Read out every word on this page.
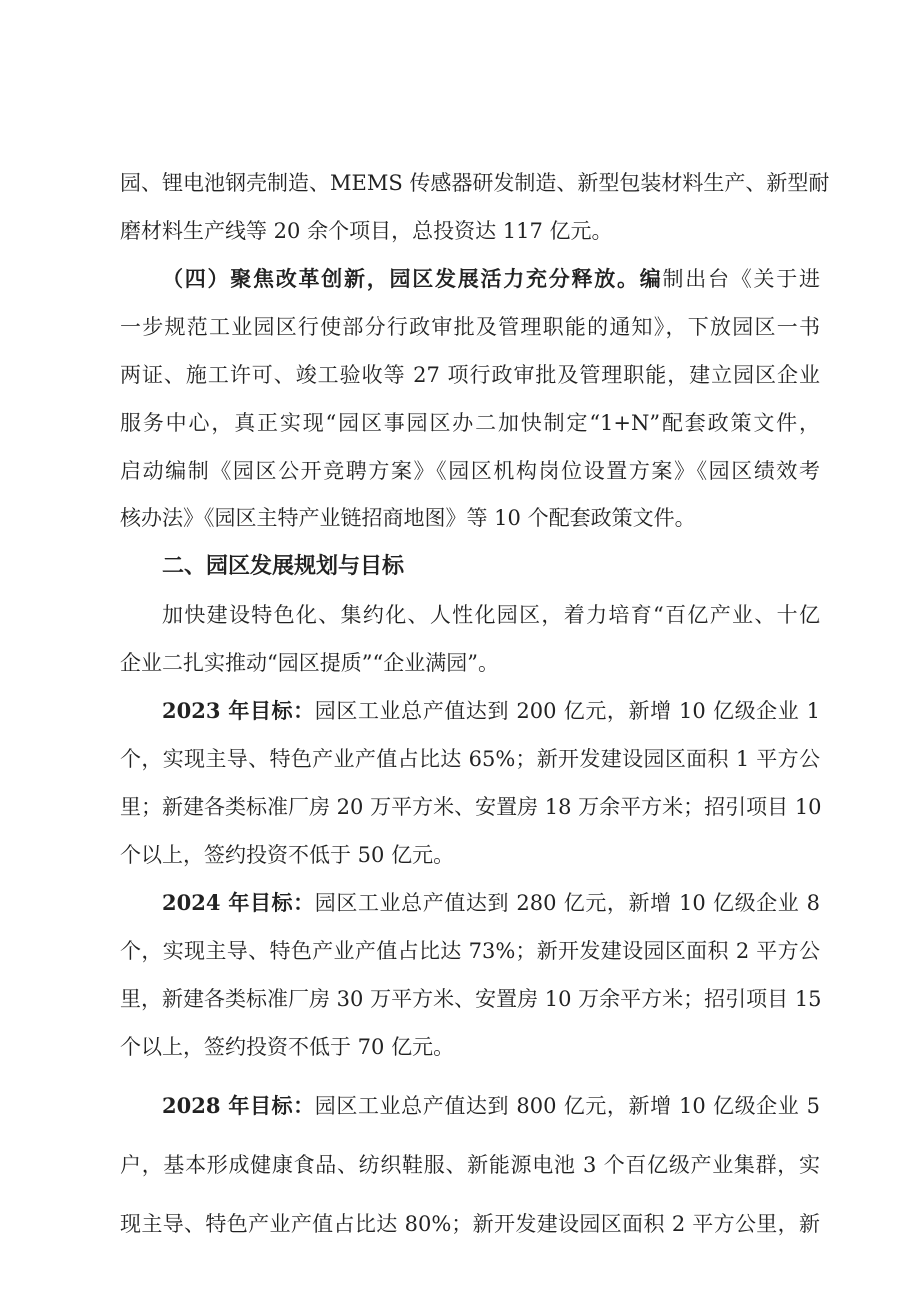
园、锂电池钢壳制造、MEMS 传感器研发制造、新型包装材料生产、新型耐
磨材料生产线等 20 余个项目，总投资达 117 亿元。
（四）聚焦改革创新，园区发展活力充分释放。编制出台《关于进
一步规范工业园区行使部分行政审批及管理职能的通知》，下放园区一书
两证、施工许可、竣工验收等 27 项行政审批及管理职能，建立园区企业
服务中心，真正实现“园区事园区办二加快制定“1+N”配套政策文件，
启动编制《园区公开竞聘方案》《园区机构岗位设置方案》《园区绩效考
核办法》《园区主特产业链招商地图》等 10 个配套政策文件。
二、园区发展规划与目标
加快建设特色化、集约化、人性化园区，着力培育“百亿产业、十亿
企业二扎实推动“园区提质”“企业满园”。
2023 年目标：园区工业总产值达到 200 亿元，新增 10 亿级企业 1
个，实现主导、特色产业产值占比达 65%；新开发建设园区面积 1 平方公
里；新建各类标准厂房 20 万平方米、安置房 18 万余平方米；招引项目 10
个以上，签约投资不低于 50 亿元。
2024 年目标：园区工业总产值达到 280 亿元，新增 10 亿级企业 8
个，实现主导、特色产业产值占比达 73%；新开发建设园区面积 2 平方公
里，新建各类标准厂房 30 万平方米、安置房 10 万余平方米；招引项目 15
个以上，签约投资不低于 70 亿元。
2028 年目标：园区工业总产值达到 800 亿元，新增 10 亿级企业 5
户，基本形成健康食品、纺织鞋服、新能源电池 3 个百亿级产业集群，实
现主导、特色产业产值占比达 80%；新开发建设园区面积 2 平方公里，新
